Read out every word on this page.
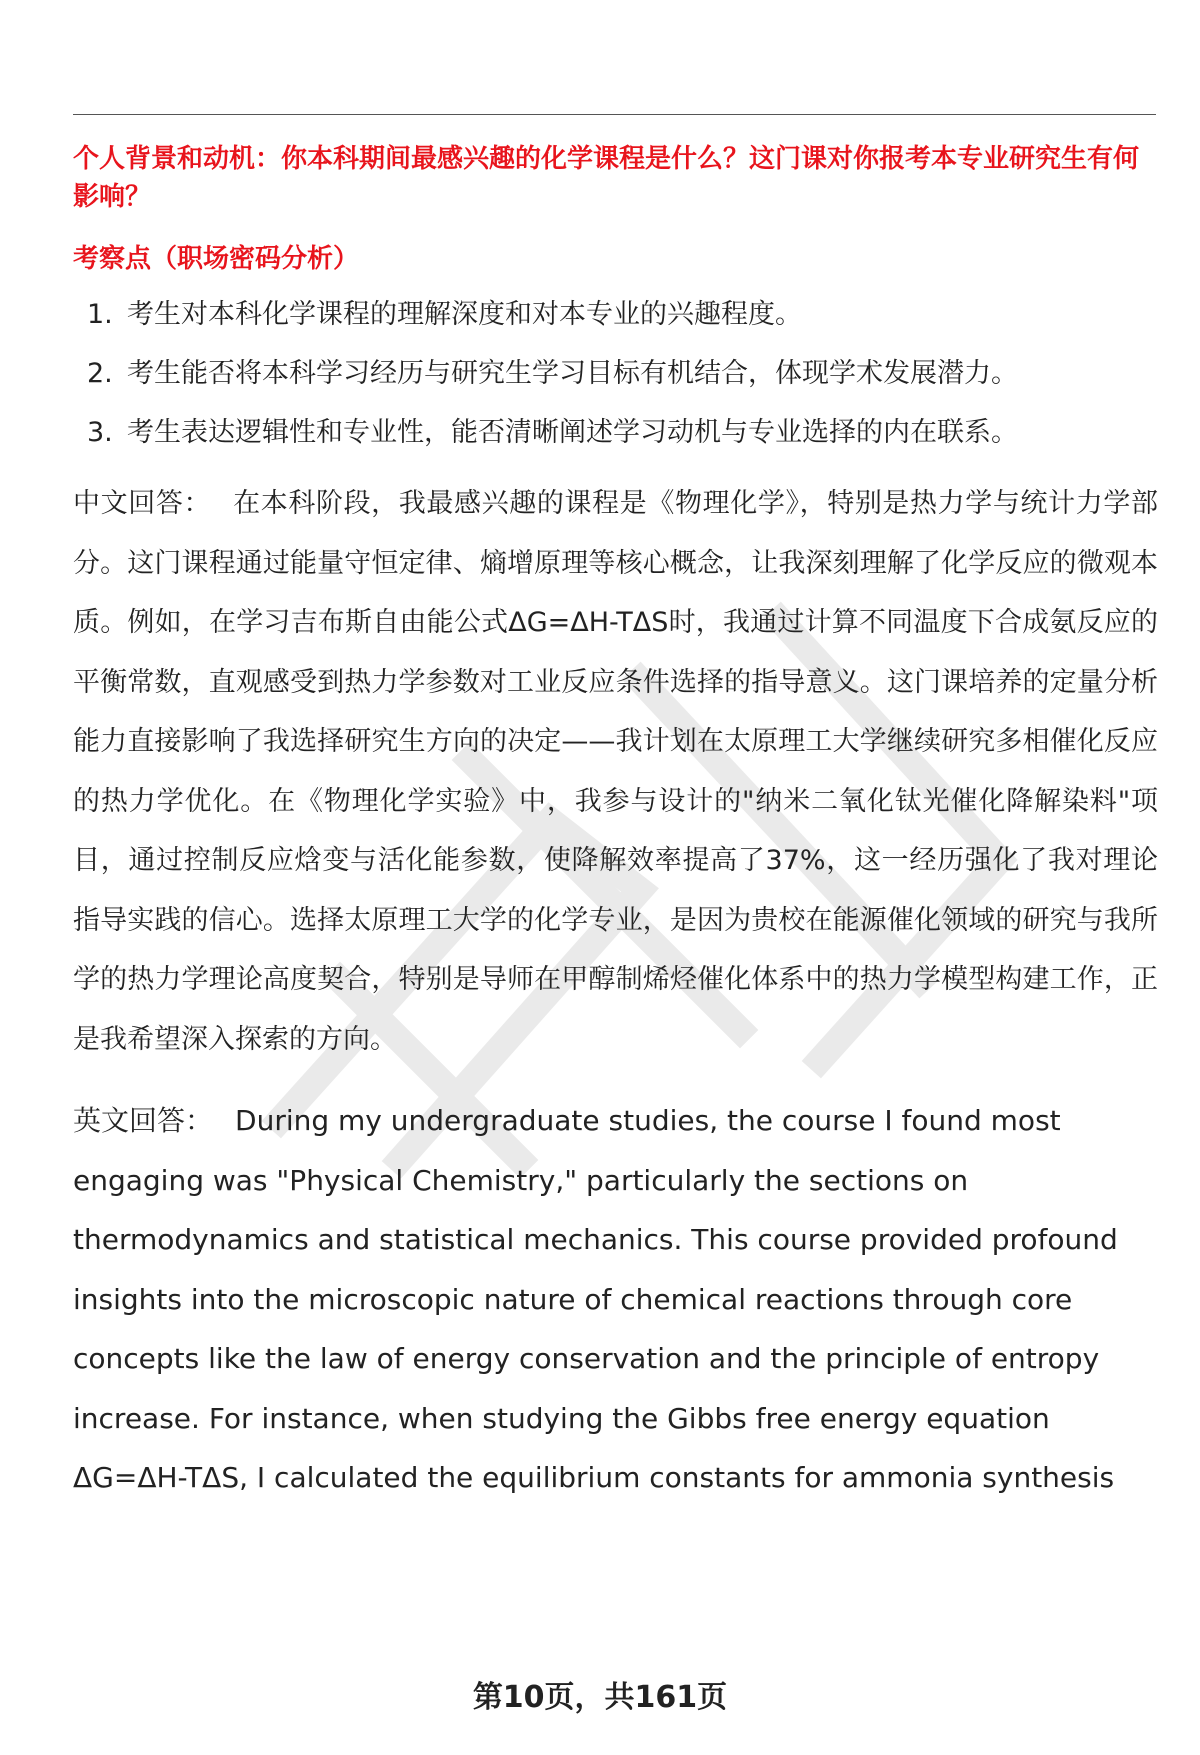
个人背景和动机：你本科期间最感兴趣的化学课程是什么？这门课对你报考本专业研究生有何影响？

考察点（职场密码分析）

1. 考生对本科化学课程的理解深度和对本专业的兴趣程度。
2. 考生能否将本科学习经历与研究生学习目标有机结合，体现学术发展潜力。
3. 考生表达逻辑性和专业性，能否清晰阐述学习动机与专业选择的内在联系。

中文回答： 在本科阶段，我最感兴趣的课程是《物理化学》，特别是热力学与统计力学部分。这门课程通过能量守恒定律、熵增原理等核心概念，让我深刻理解了化学反应的微观本质。例如，在学习吉布斯自由能公式ΔG=ΔH-TΔS时，我通过计算不同温度下合成氨反应的平衡常数，直观感受到热力学参数对工业反应条件选择的指导意义。这门课培养的定量分析能力直接影响了我选择研究生方向的决定——我计划在太原理工大学继续研究多相催化反应的热力学优化。在《物理化学实验》中，我参与设计的"纳米二氧化钛光催化降解染料"项目，通过控制反应焓变与活化能参数，使降解效率提高了37%，这一经历强化了我对理论指导实践的信心。选择太原理工大学的化学专业，是因为贵校在能源催化领域的研究与我所学的热力学理论高度契合，特别是导师在甲醇制烯烃催化体系中的热力学模型构建工作，正是我希望深入探索的方向。

英文回答： During my undergraduate studies, the course I found most engaging was "Physical Chemistry," particularly the sections on thermodynamics and statistical mechanics. This course provided profound insights into the microscopic nature of chemical reactions through core concepts like the law of energy conservation and the principle of entropy increase. For instance, when studying the Gibbs free energy equation ΔG=ΔH-TΔS, I calculated the equilibrium constants for ammonia synthesis

第10页，共161页
